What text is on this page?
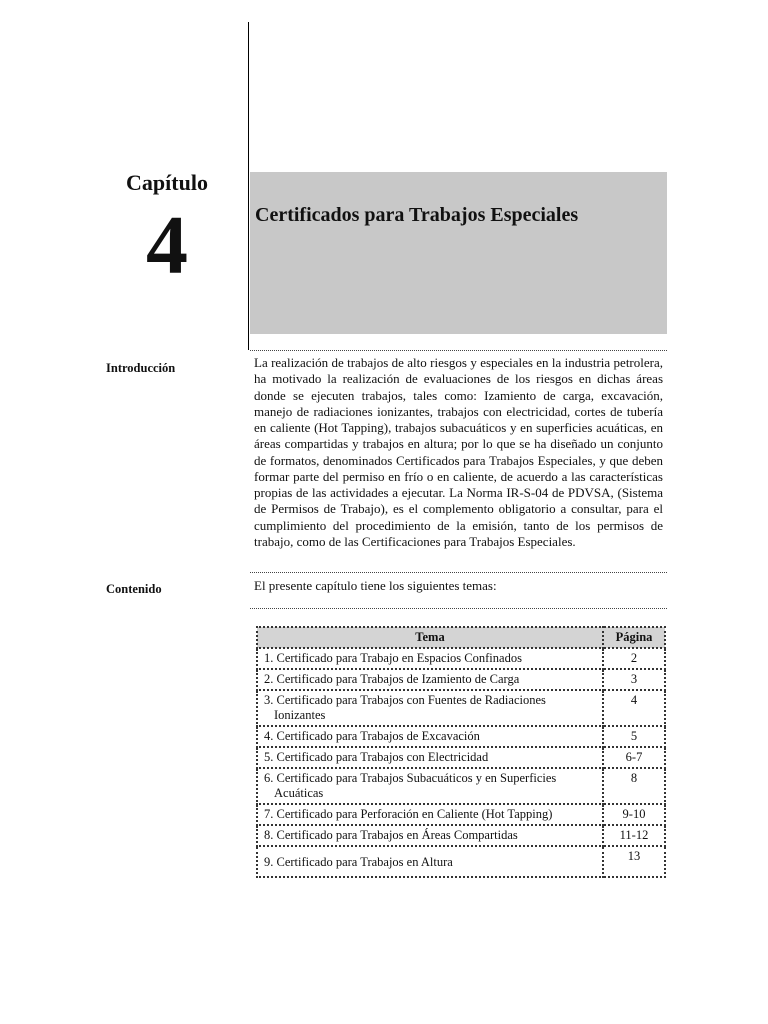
Capítulo
4	Certificados para Trabajos Especiales
Introducción	La realización de trabajos de alto riesgos y especiales en la industria petrolera, ha motivado la realización de evaluaciones de los riesgos en dichas áreas donde se ejecuten trabajos, tales como: Izamiento de carga, excavación, manejo de radiaciones ionizantes, trabajos con electricidad, cortes de tubería en caliente (Hot Tapping), trabajos subacuáticos y en superficies acuáticas, en áreas compartidas y trabajos en altura; por lo que se ha diseñado un conjunto de formatos, denominados Certificados para Trabajos Especiales, y que deben formar parte del permiso en frío o en caliente, de acuerdo a las características propias de las actividades a ejecutar. La Norma IR-S-04 de PDVSA, (Sistema de Permisos de Trabajo), es el complemento obligatorio a consultar, para el cumplimiento del procedimiento de la emisión, tanto de los permisos de trabajo, como de las Certificaciones para Trabajos Especiales.
Contenido	El presente capítulo tiene los siguientes temas:
Tema	Página

1. Certificado para Trabajo en Espacios Confinados	2

2. Certificado para Trabajos de Izamiento de Carga	3

3. Certificado para Trabajos con Fuentes de Radiaciones Ionizantes	4

4. Certificado para Trabajos de Excavación	5

5. Certificado para Trabajos con Electricidad	6-7

6. Certificado para Trabajos Subacuáticos y en Superficies Acuáticas	8

7. Certificado para Perforación en Caliente (Hot Tapping)	9-10

8. Certificado para Trabajos en Áreas Compartidas	11-12

9. Certificado para Trabajos en Altura	13
